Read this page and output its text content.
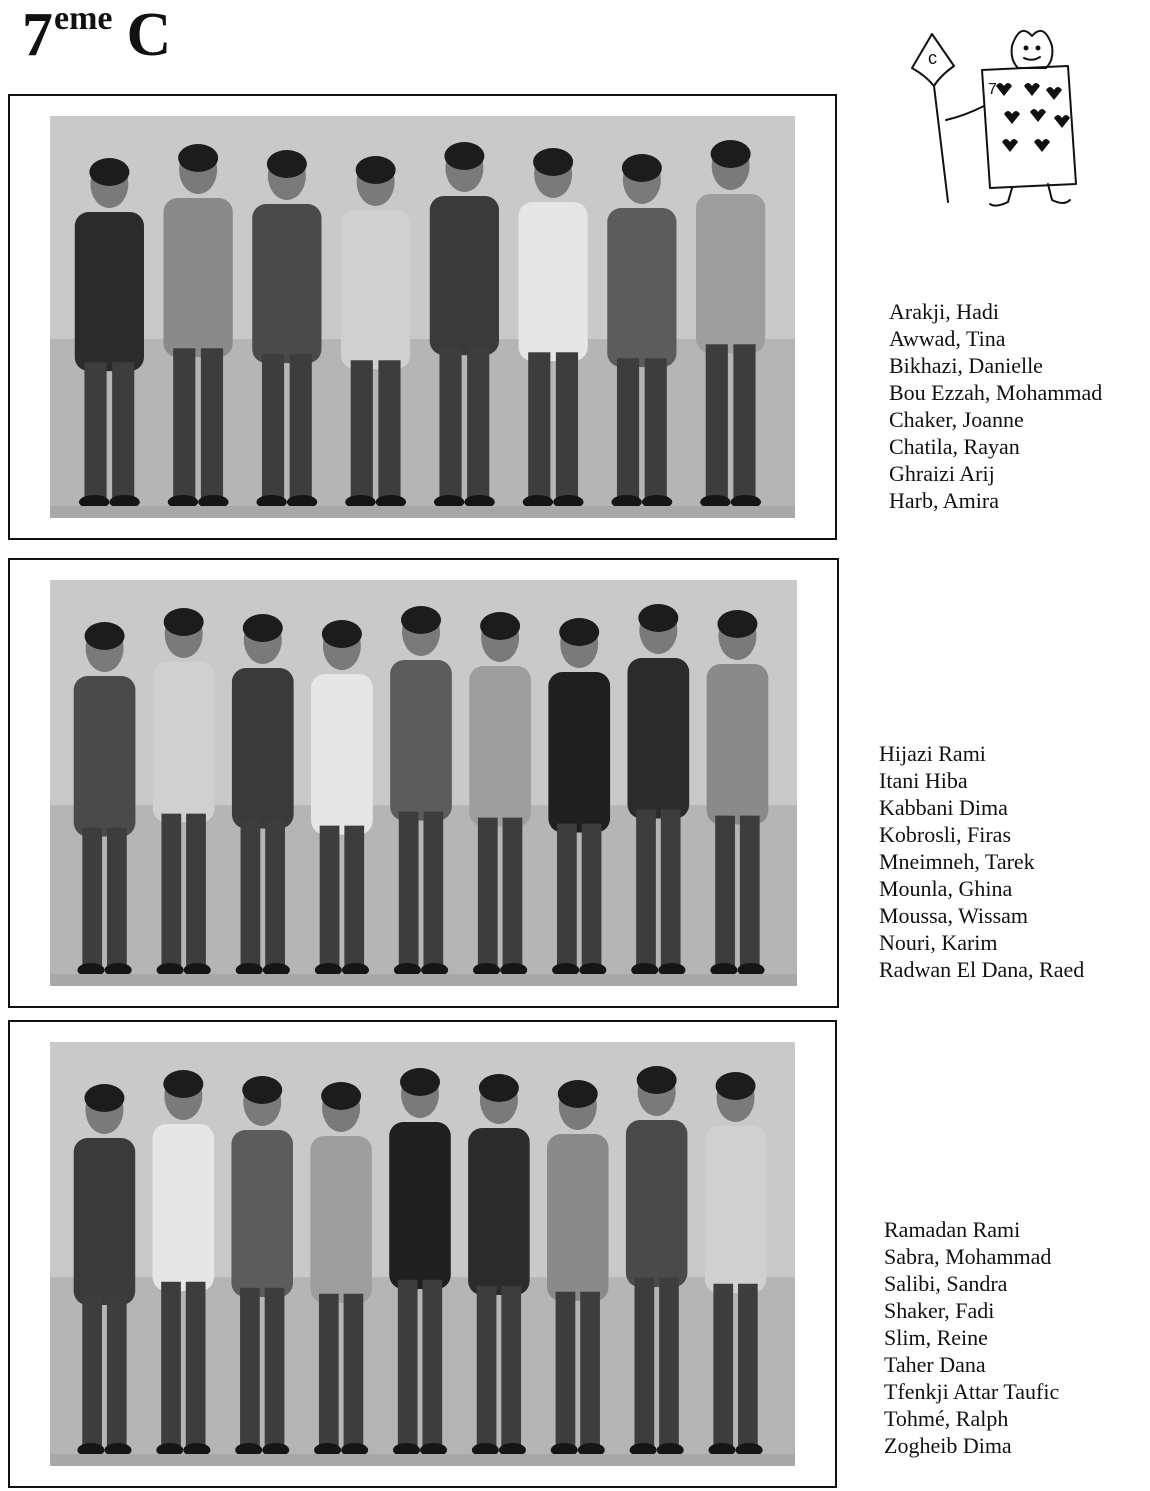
7eme C	c
7
Arakji, Hadi
Awwad, Tina
Bikhazi, Danielle
Bou Ezzah, Mohammad
Chaker, Joanne
Chatila, Rayan
Ghraizi Arij
Harb, Amira
Hijazi Rami
Itani Hiba
Kabbani Dima
Kobrosli, Firas
Mneimneh, Tarek
Mounla, Ghina
Moussa, Wissam
Nouri, Karim
Radwan El Dana, Raed
Ramadan Rami
Sabra, Mohammad
Salibi, Sandra
Shaker, Fadi
Slim, Reine
Taher Dana
Tfenkji Attar Taufic
Tohmé, Ralph
Zogheib Dima
